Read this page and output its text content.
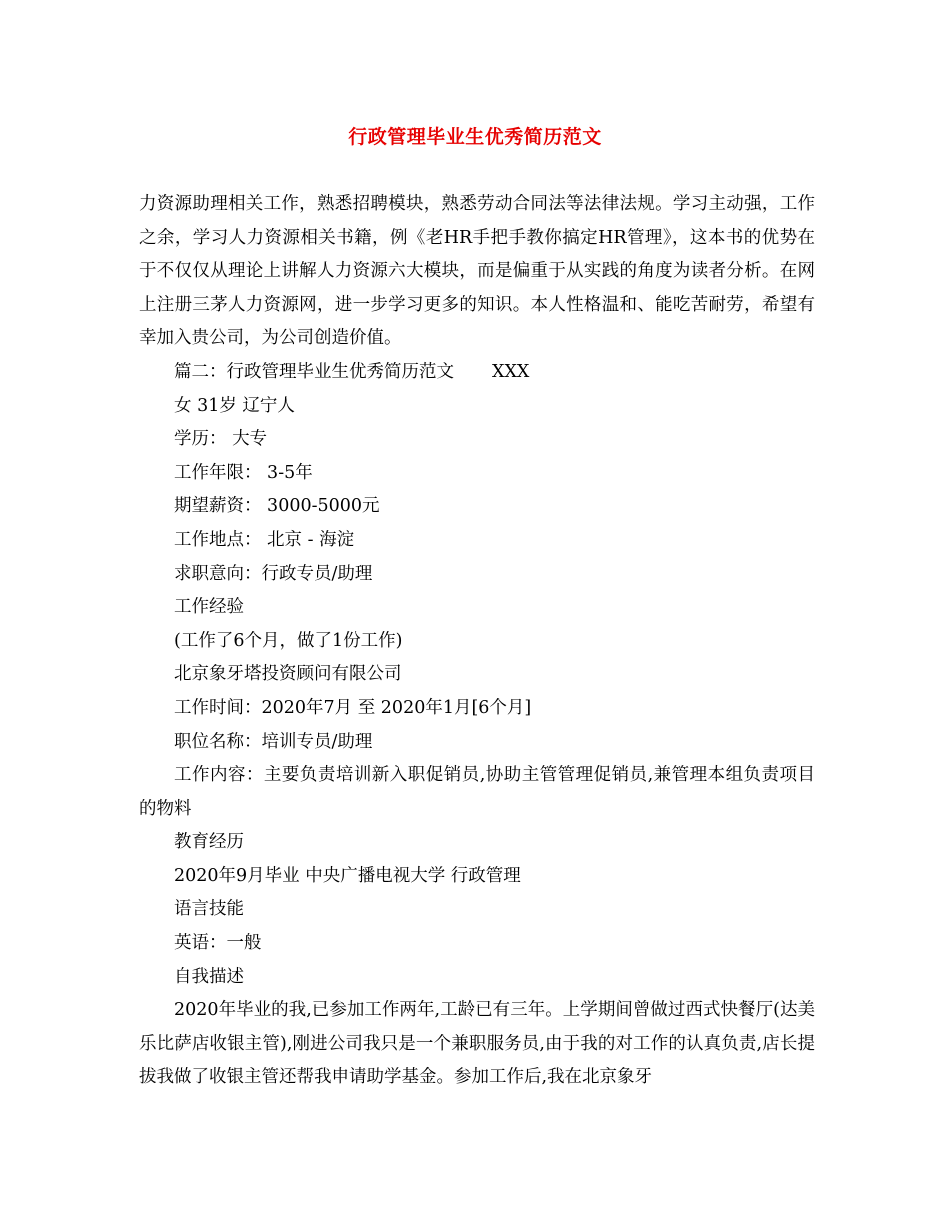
行政管理毕业生优秀简历范文

力资源助理相关工作，熟悉招聘模块，熟悉劳动合同法等法律法规。学习主动强，工作之余，学习人力资源相关书籍，例《老HR手把手教你搞定HR管理》，这本书的优势在于不仅仅从理论上讲解人力资源六大模块，而是偏重于从实践的角度为读者分析。在网上注册三茅人力资源网，进一步学习更多的知识。本人性格温和、能吃苦耐劳，希望有幸加入贵公司，为公司创造价值。

篇二：行政管理毕业生优秀简历范文 XXX

女 31岁 辽宁人

学历： 大专

工作年限： 3-5年

期望薪资： 3000-5000元

工作地点： 北京 - 海淀

求职意向：行政专员/助理

工作经验

(工作了6个月，做了1份工作)

北京象牙塔投资顾问有限公司

工作时间：2020年7月 至 2020年1月[6个月]

职位名称：培训专员/助理

工作内容：主要负责培训新入职促销员,协助主管管理促销员,兼管理本组负责项目的物料

教育经历

2020年9月毕业 中央广播电视大学 行政管理

语言技能

英语：一般

自我描述

2020年毕业的我,已参加工作两年,工龄已有三年。上学期间曾做过西式快餐厅(达美乐比萨店收银主管),刚进公司我只是一个兼职服务员,由于我的对工作的认真负责,店长提拔我做了收银主管还帮我申请助学基金。参加工作后,我在北京象牙
